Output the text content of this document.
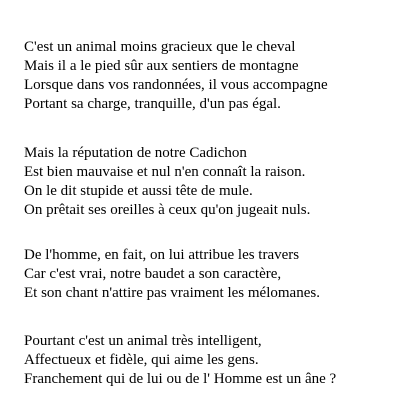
C'est un animal moins gracieux que le cheval
Mais il a le pied sûr aux sentiers de montagne
Lorsque dans vos randonnées, il vous accompagne
Portant sa charge, tranquille, d'un pas égal.
Mais la réputation de notre Cadichon
Est bien mauvaise et nul n'en connaît la raison.
On le dit stupide et aussi tête de mule.
On prêtait ses oreilles à ceux qu'on jugeait nuls.
De l'homme, en fait, on lui attribue les travers
Car c'est vrai, notre baudet a son caractère,
Et son chant n'attire pas vraiment les mélomanes.
Pourtant c'est un animal très intelligent,
Affectueux et fidèle, qui aime les gens.
Franchement qui de lui ou de l' Homme est un âne ?
